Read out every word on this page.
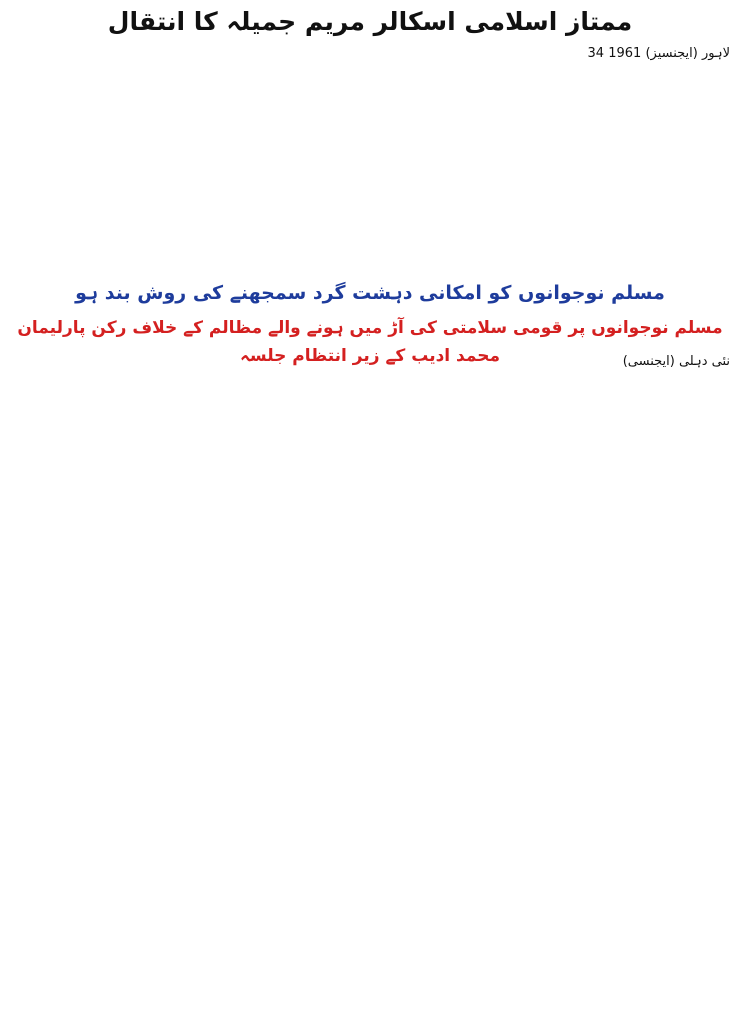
ممتاز اسلامی اسکالر مریم جمیلہ کا انتقال
لاہور (ایجنسیز) 1961 34
مسلم نوجوانوں کو امکانی دہشت گرد سمجھنے کی روش بند ہو
مسلم نوجوانوں پر قومی سلامتی کی آڑ میں ہونے والے مظالم کے خلاف رکن پارلیمان محمد ادیب کے زیر انتظام جلسہ	نئی دہلی (ایجنسی)
